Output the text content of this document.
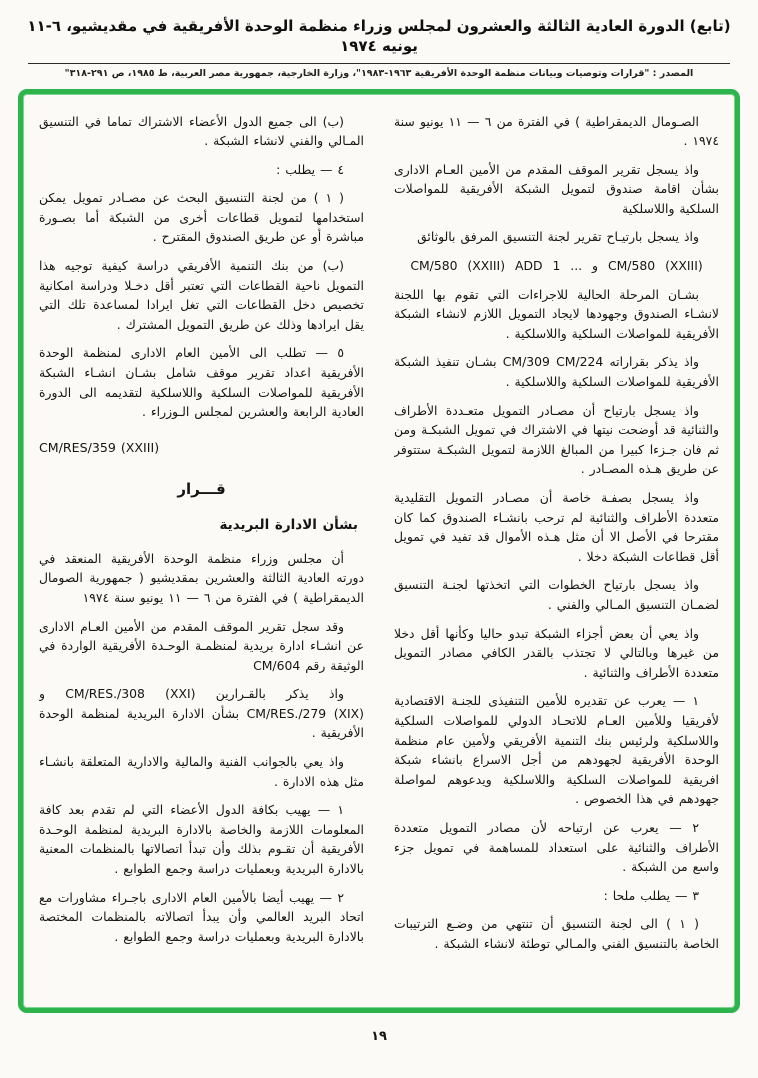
(تابع) الدورة العادية الثالثة والعشرون لمجلس وزراء منظمة الوحدة الأفريقية في مقديشيو، ٦-١١ يونيه ١٩٧٤
المصدر : "قرارات وتوصيات وبيانات منظمة الوحدة الأفريقية ١٩٦٣-١٩٨٣"، وزارة الخارجية، جمهورية مصر العربية، ط ١٩٨٥، ص ٢٩١-٣١٨"

الصـومال الديمقراطية ) في الفترة من ٦ — ١١ يونيو سنة ١٩٧٤ .

واذ يسجل تقرير الموقف المقدم من الأمين العـام الادارى بشأن اقامة صندوق لتمويل الشبكة الأفريقية للمواصلات السلكية واللاسلكية

واذ يسجل بارتيـاح تقرير لجنة التنسيق المرفق بالوثائق

CM/580 (XXIII) ADD 1 ... و CM/580 (XXIII)

بشـان المرحلة الحالية للاجراءات التي تقوم بها اللجنة لانشـاء الصندوق وجهودها لايجاد التمويل اللازم لانشاء الشبكة الأفريقية للمواصلات السلكية واللاسلكية .

واذ يذكر بقراراته CM/309 CM/224 بشـان تنفيذ الشبكة الأفريقية للمواصلات السلكية واللاسلكية .

واذ يسجل بارتياح أن مصـادر التمويل متعـددة الأطراف والثنائية قد أوضحت نيتها في الاشتراك في تمويل الشبكـة ومن ثم فان جـزءا كبيرا من المبالغ اللازمة لتمويل الشبكـة ستتوفر عن طريق هـذه المصـادر .

واذ يسجل بصفـة خاصة أن مصـادر التمويل التقليدية متعددة الأطراف والثنائية لم ترحب بانشـاء الصندوق كما كان مقترحا في الأصل الا أن مثل هـذه الأموال قد تفيد في تمويل أقل قطاعات الشبكة دخلا .

واذ يسجل بارتياح الخطوات التي اتخذتها لجنـة التنسيق لضمـان التنسيق المـالي والفني .

واذ يعي أن بعض أجزاء الشبكة تبدو حاليا وكأنها أقل دخلا من غيرها وبالتالي لا تجتذب بالقدر الكافي مصادر التمويل متعددة الأطراف والثنائية .

١ — يعرب عن تقديره للأمين التنفيذى للجنـة الاقتصادية لأفريقيا وللأمين العـام للاتحـاد الدولي للمواصلات السلكية واللاسلكية ولرئيس بنك التنمية الأفريقي ولأمين عام منظمة الوحدة الأفريقية لجهودهم من أجل الاسراع بانشاء شبكة افريقية للمواصلات السلكية واللاسلكية ويدعوهم لمواصلة جهودهم في هذا الخصوص .

٢ — يعرب عن ارتياحه لأن مصادر التمويل متعددة الأطراف والثنائية على استعداد للمساهمة في تمويل جزء واسع من الشبكة .

٣ — يطلب ملحا :

( ١ ) الى لجنة التنسيق أن تنتهي من وضـع الترتيبات الخاصة بالتنسيق الفني والمـالي توطئة لانشاء الشبكة .

(ب) الى جميع الدول الأعضاء الاشتراك تماما في التنسيق المـالي والفني لانشاء الشبكة .

٤ — يطلب :

( ١ ) من لجنة التنسيق البحث عن مصـادر تمويل يمكن استخدامها لتمويل قطاعات أخرى من الشبكة أما بصـورة مباشرة أو عن طريق الصندوق المقترح .

(ب) من بنك التنمية الأفريقي دراسة كيفية توجيه هذا التمويل ناحية القطاعات التي تعتبر أقل دخـلا ودراسة امكانية تخصيص دخل القطاعات التي تغل ايرادا لمساعدة تلك التي يقل ايرادها وذلك عن طريق التمويل المشترك .

٥ — تطلب الى الأمين العام الادارى لمنظمة الوحدة الأفريقية اعداد تقرير موقف شامل بشـان انشـاء الشبكة الأفريقية للمواصلات السلكية واللاسلكية لتقديمه الى الدورة العادية الرابعة والعشرين لمجلس الـوزراء .

CM/RES/359 (XXIII)

قـــرار

بشأن الادارة البريدية

أن مجلس وزراء منظمة الوحدة الأفريقية المنعقد في دورته العادية الثالثة والعشرين بمقديشيو ( جمهورية الصومال الديمقراطية ) في الفترة من ٦ — ١١ يونيو سنة ١٩٧٤

وقد سجل تقرير الموقف المقدم من الأمين العـام الادارى عن انشـاء ادارة بريدية لمنظمـة الوحـدة الأفريقية الواردة في الوثيقة رقم CM/604

واذ يذكر بالقـرارين CM/RES./308 (XXI) و CM/RES./279 (XIX) بشأن الادارة البريدية لمنظمة الوحدة الأفريقية .

واذ يعي بالجوانب الفنية والمالية والادارية المتعلقة بانشـاء مثل هذه الادارة .

١ — يهيب بكافة الدول الأعضاء التي لم تقدم بعد كافة المعلومات اللازمة والخاصة بالادارة البريدية لمنظمة الوحـدة الأفريقية أن تقـوم بذلك وأن تبدأ اتصالاتها بالمنظمات المعنية بالادارة البريدية وبعمليات دراسة وجمع الطوابع .

٢ — يهيب أيضا بالأمين العام الادارى باجـراء مشاورات مع اتحاد البريد العالمي وأن يبدأ اتصالاته بالمنظمات المختصة بالادارة البريدية وبعمليات دراسة وجمع الطوابع .

١٩
